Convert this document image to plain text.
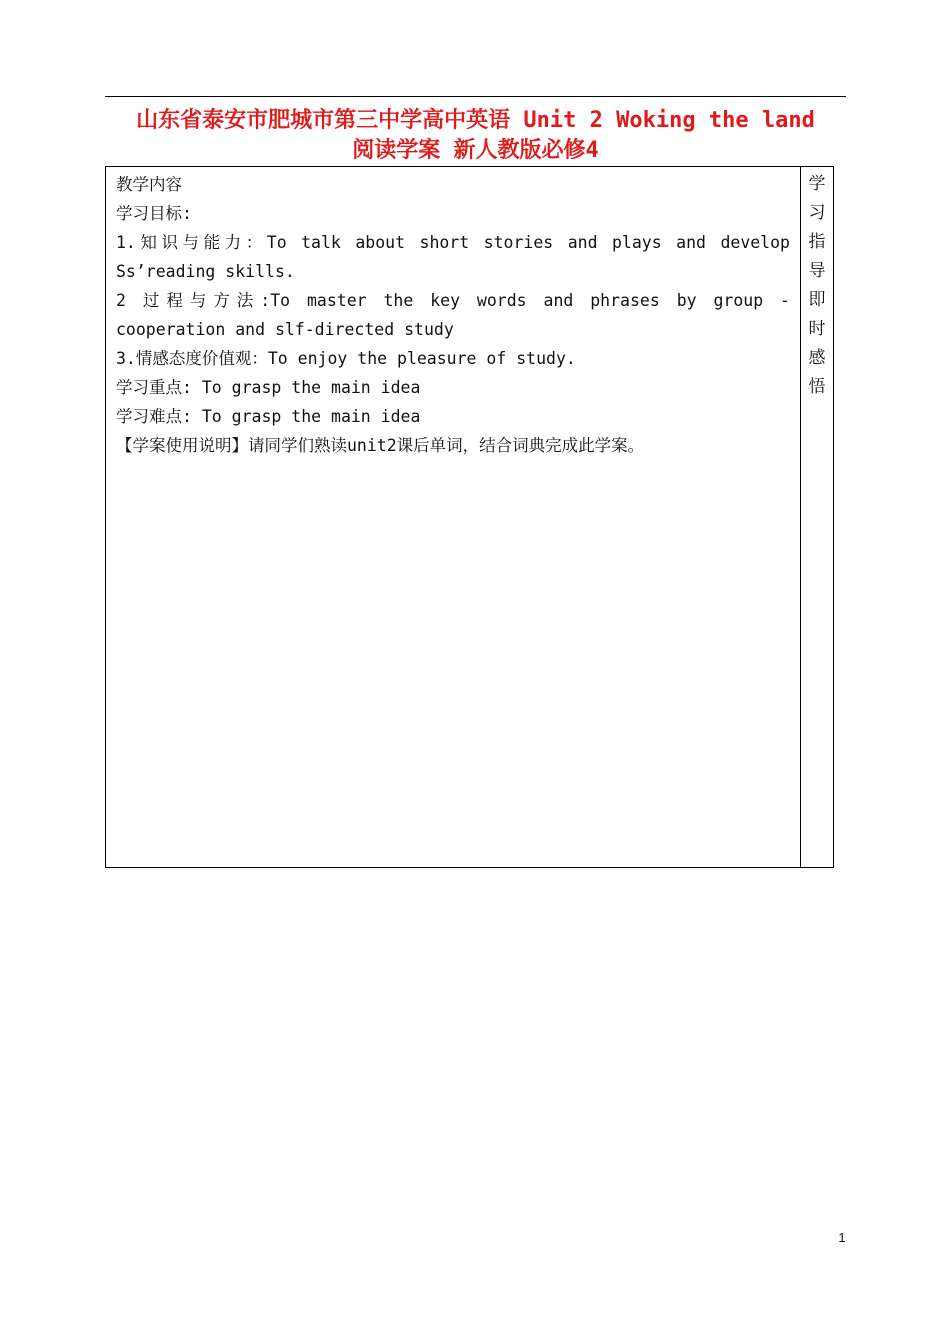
山东省泰安市肥城市第三中学高中英语 Unit 2 Woking the land
阅读学案 新人教版必修4
教学内容
学习目标:
1.知识与能力：To talk about short stories and plays and develop
Ss’reading skills.
2 过程与方法:To master the key words and phrases by group -
cooperation and slf-directed study
3.情感态度价值观：To enjoy the pleasure of study.
学习重点: To grasp the main idea
学习难点: To grasp the main idea
【学案使用说明】请同学们熟读unit2课后单词，结合词典完成此学案。
学
习
指
导
即
时
感
悟
1
